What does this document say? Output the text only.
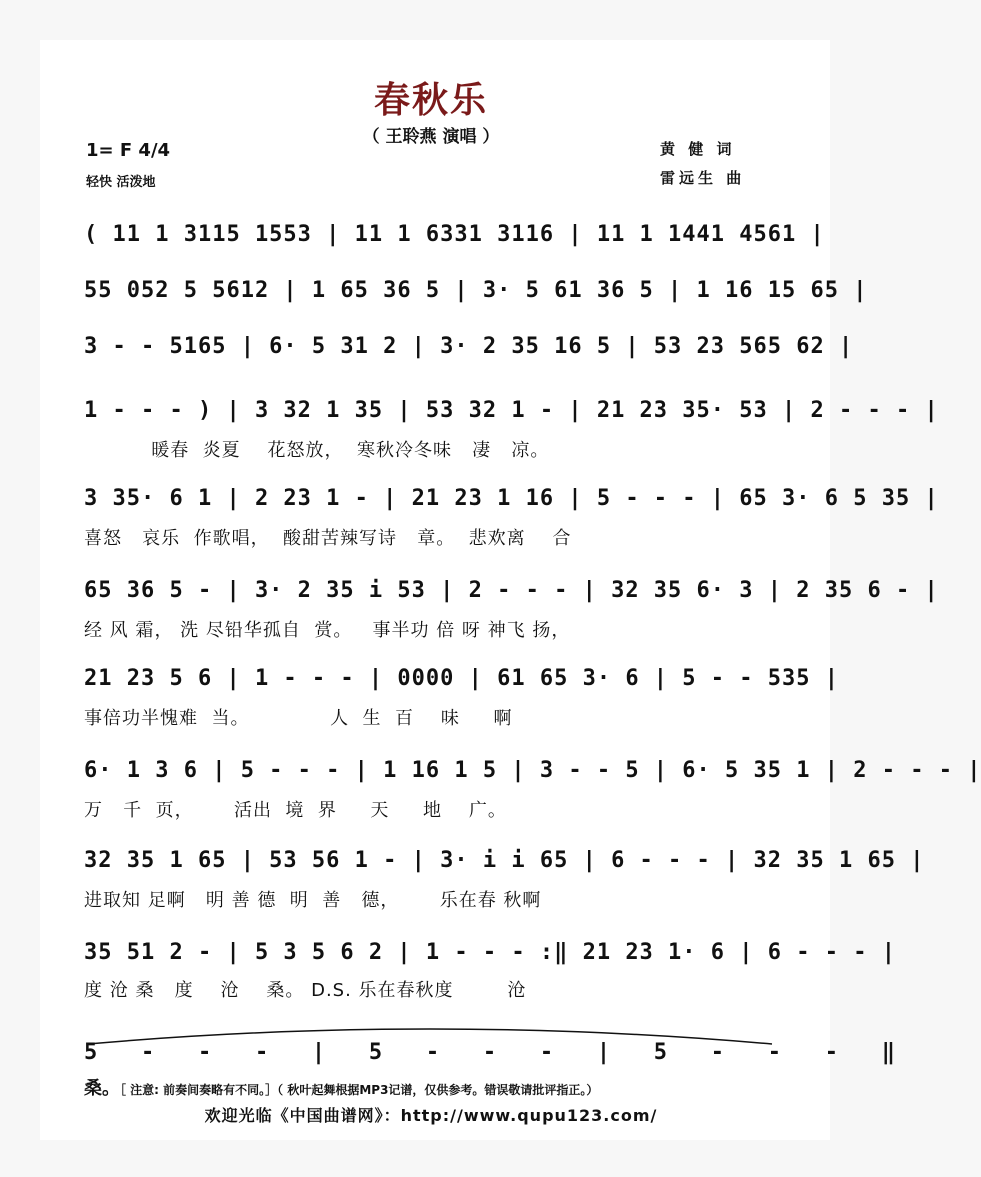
春秋乐
（ 王聆燕 演唱 ）
1= F 4/4
轻快 活泼地
黄 健 词
雷远生 曲
( 11 1 3115 1553 | 11 1 6331 3116 | 11 1 1441 4561 |
55 052 5 5612 | 1 65 36 5 | 3· 5 61 36 5 | 1 16 15 65 |
3 - - 5165 | 6· 5 31 2 | 3· 2 35 16 5 | 53 23 565 62 |
1 - - - ) | 3 32 1 35 | 53 32 1 - | 21 23 35· 53 | 2 - - - |
暖春  炎夏    花怒放，  寒秋冷冬味   凄   凉。
3 35· 6 1 | 2 23 1 - | 21 23 1 16 | 5 - - - | 65 3· 6 5 35 |
喜怒   哀乐  作歌唱，  酸甜苦辣写诗   章。  悲欢离    合
65 36 5 - | 3· 2 35 i 53 | 2 - - - | 32 35 6· 3 | 2 35 6 - |
经 风 霜， 洗 尽铅华孤自  赏。   事半功 倍 呀 神飞 扬，
21 23 5 6 | 1 - - - | 0000 | 61 65 3· 6 | 5 - - 535 |
事倍功半愧难  当。            人  生  百    味     啊
6· 1 3 6 | 5 - - - | 1 16 1 5 | 3 - - 5 | 6· 5 35 1 | 2 - - - |
万   千  页，      活出  境  界     天     地    广。
32 35 1 65 | 53 56 1 - | 3· i i 65 | 6 - - - | 32 35 1 65 |
进取知 足啊   明 善 德  明  善   德，      乐在春 秋啊
35 51 2 - | 5 3 5 6 2 | 1 - - - :‖ 21 23 1· 6 | 6 - - - |
度 沧 桑   度    沧    桑。 D.S. 乐在春秋度        沧
5   -   -   -   |   5   -   -   -   |   5   -   -   -   ‖
桑。［ 注意: 前奏间奏略有不同。］（ 秋叶起舞根据MP3记谱，仅供参考。错误敬请批评指正。）
欢迎光临《中国曲谱网》：http://www.qupu123.com/
